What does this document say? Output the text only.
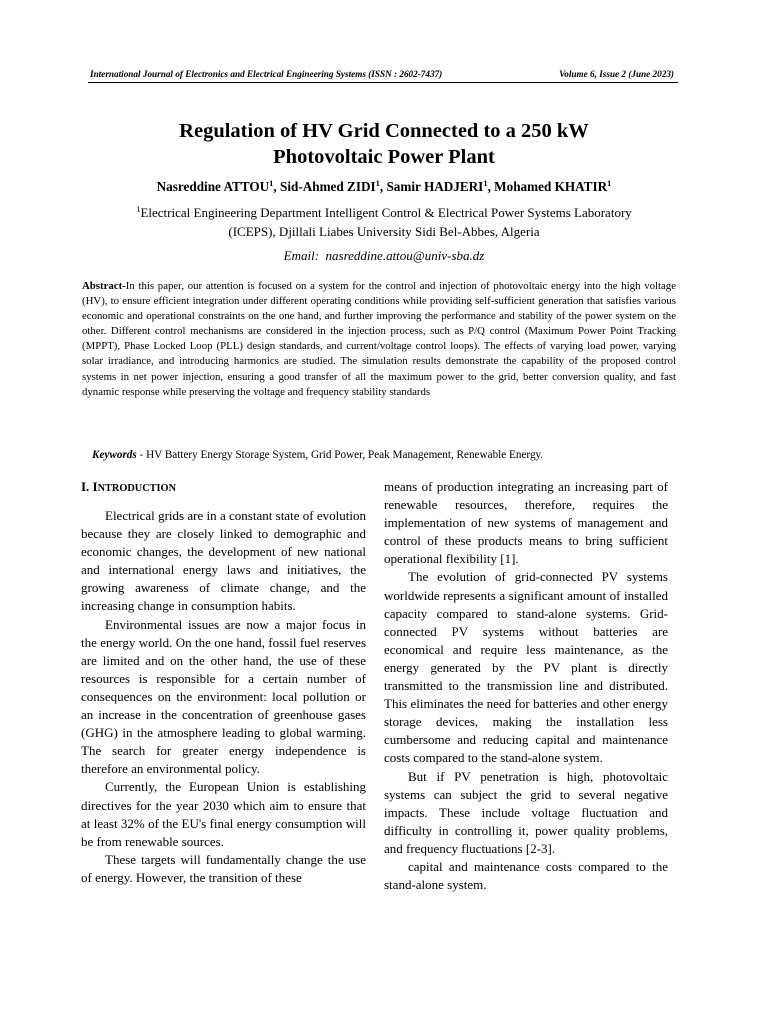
International Journal of Electronics and Electrical Engineering Systems (ISSN : 2602-7437)	Volume 6, Issue 2 (June 2023)
Regulation of HV Grid Connected to a 250 kW
Photovoltaic Power Plant
Nasreddine ATTOU$^1$, Sid-Ahmed ZIDI$^1$, Samir HADJERI$^1$, Mohamed KHATIR$^1$
$^1$Electrical Engineering Department Intelligent Control & Electrical Power Systems Laboratory
(ICEPS), Djillali Liabes University Sidi Bel-Abbes, Algeria
Email: nasreddine.attou@univ-sba.dz
Abstract-In this paper, our attention is focused on a system for the control and injection of photovoltaic energy into the high voltage (HV), to ensure efficient integration under different operating conditions while providing self-sufficient generation that satisfies various economic and operational constraints on the one hand, and further improving the performance and stability of the power system on the other. Different control mechanisms are considered in the injection process, such as P/Q control (Maximum Power Point Tracking (MPPT), Phase Locked Loop (PLL) design standards, and current/voltage control loops). The effects of varying load power, varying solar irradiance, and introducing harmonics are studied. The simulation results demonstrate the capability of the proposed control systems in net power injection, ensuring a good transfer of all the maximum power to the grid, better conversion quality, and fast dynamic response while preserving the voltage and frequency stability standards
Keywords - HV Battery Energy Storage System, Grid Power, Peak Management, Renewable Energy.
I. INTRODUCTION

Electrical grids are in a constant state of evolution because they are closely linked to demographic and economic changes, the development of new national and international energy laws and initiatives, the growing awareness of climate change, and the increasing change in consumption habits.

Environmental issues are now a major focus in the energy world. On the one hand, fossil fuel reserves are limited and on the other hand, the use of these resources is responsible for a certain number of consequences on the environment: local pollution or an increase in the concentration of greenhouse gases (GHG) in the atmosphere leading to global warming. The search for greater energy independence is therefore an environmental policy.

Currently, the European Union is establishing directives for the year 2030 which aim to ensure that at least 32% of the EU's final energy consumption will be from renewable sources.

These targets will fundamentally change the use of energy. However, the transition of these

means of production integrating an increasing part of renewable resources, therefore, requires the implementation of new systems of management and control of these products means to bring sufficient operational flexibility [1].

The evolution of grid-connected PV systems worldwide represents a significant amount of installed capacity compared to stand-alone systems. Grid-connected PV systems without batteries are economical and require less maintenance, as the energy generated by the PV plant is directly transmitted to the transmission line and distributed. This eliminates the need for batteries and other energy storage devices, making the installation less cumbersome and reducing capital and maintenance costs compared to the stand-alone system.

But if PV penetration is high, photovoltaic systems can subject the grid to several negative impacts. These include voltage fluctuation and difficulty in controlling it, power quality problems, and frequency fluctuations [2-3].

capital and maintenance costs compared to the stand-alone system.
